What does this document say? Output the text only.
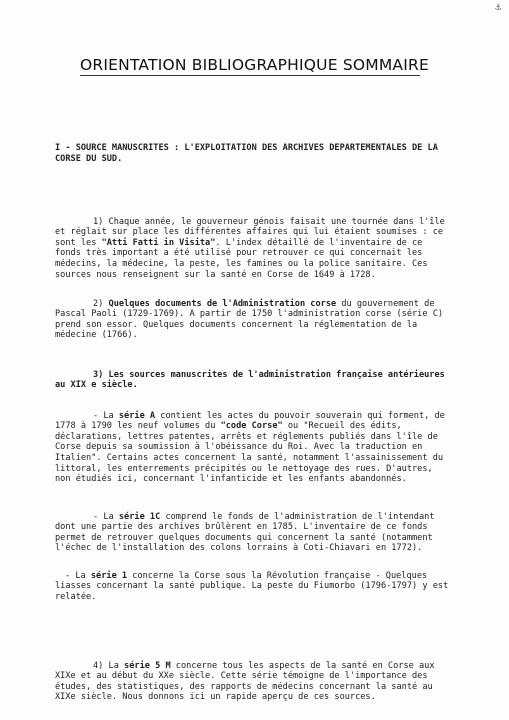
⚓
ORIENTATION BIBLIOGRAPHIQUE SOMMAIRE
I - SOURCE MANUSCRITES : L'EXPLOITATION DES ARCHIVES DEPARTEMENTALES DE LA CORSE DU SUD.

1) Chaque année, le gouverneur génois faisait une tournée dans l'île et réglait sur place les différentes affaires qui lui étaient soumises : ce sont les "Atti Fatti in Visita". L'index détaillé de l'inventaire de ce fonds très important a été utilisé pour retrouver ce qui concernait les médecins, la médecine, la peste, les famines ou la police sanitaire. Ces sources nous renseignent sur la santé en Corse de 1649 à 1728.

2) Quelques documents de l'Administration corse du gouvernement de Pascal Paoli (1729-1769). A partir de 1750 l'administration corse (série C) prend son essor. Quelques documents concernent la réglementation de la médecine (1766).

3) Les sources manuscrites de l'administration française antérieures au XIX e siècle.

- La série A contient les actes du pouvoir souverain qui forment, de 1778 à 1790 les neuf volumes du "code Corse" ou "Recueil des édits, déclarations, lettres patentes, arrêts et réglements publiés dans l'île de Corse depuis sa soumission à l'obéissance du Roi. Avec la traduction en Italien". Certains actes concernent la santé, notamment l'assainissement du littoral, les enterrements précipités ou le nettoyage des rues. D'autres, non étudiés ici, concernant l'infanticide et les enfants abandonnés.

- La série 1C comprend le fonds de l'administration de l'intendant dont une partie des archives brûlèrent en 1785. L'inventaire de ce fonds permet de retrouver quelques documents qui concernent la santé (notamment l'échec de l'installation des colons lorrains à Coti-Chiavari en 1772).

- La série 1 concerne la Corse sous la Révolution française - Quelques liasses concernant la santé publique. La peste du Fiumorbo (1796-1797) y est relatée.

4) La série 5 M concerne tous les aspects de la santé en Corse aux XIXe et au début du XXe siècle. Cette série témoigne de l'importance des études, des statistiques, des rapports de médecins concernant la santé au XIXe siècle. Nous donnons ici un rapide aperçu de ces sources.
